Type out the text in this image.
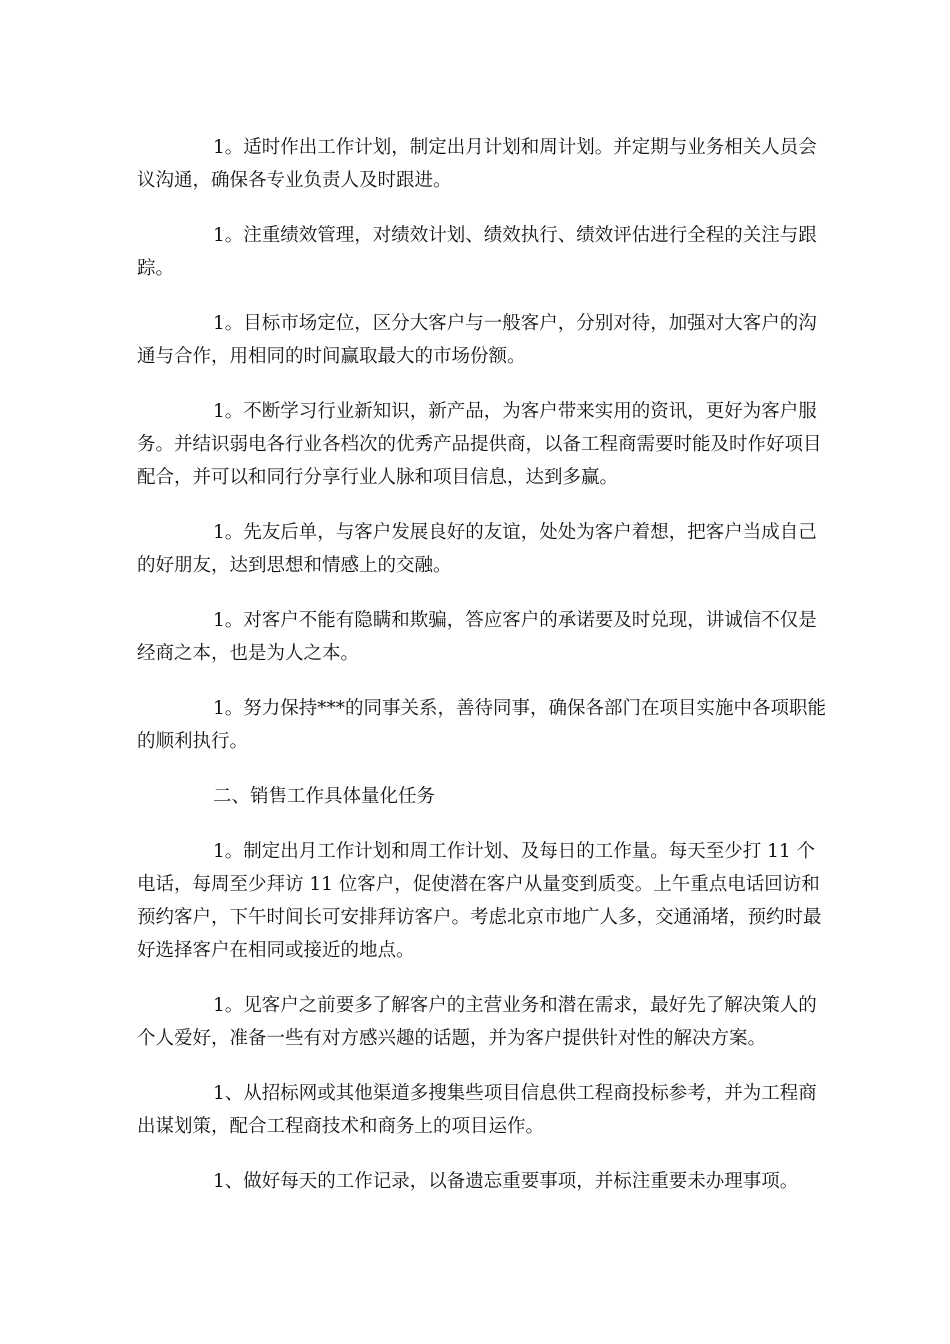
1。适时作出工作计划，制定出月计划和周计划。并定期与业务相关人员会议沟通，确保各专业负责人及时跟进。

1。注重绩效管理，对绩效计划、绩效执行、绩效评估进行全程的关注与跟踪。

1。目标市场定位，区分大客户与一般客户，分别对待，加强对大客户的沟通与合作，用相同的时间赢取最大的市场份额。

1。不断学习行业新知识，新产品，为客户带来实用的资讯，更好为客户服务。并结识弱电各行业各档次的优秀产品提供商，以备工程商需要时能及时作好项目配合，并可以和同行分享行业人脉和项目信息，达到多赢。

1。先友后单，与客户发展良好的友谊，处处为客户着想，把客户当成自己的好朋友，达到思想和情感上的交融。

1。对客户不能有隐瞒和欺骗，答应客户的承诺要及时兑现，讲诚信不仅是经商之本，也是为人之本。

1。努力保持***的同事关系，善待同事，确保各部门在项目实施中各项职能的顺利执行。

二、销售工作具体量化任务

1。制定出月工作计划和周工作计划、及每日的工作量。每天至少打 11 个电话，每周至少拜访 11 位客户，促使潜在客户从量变到质变。上午重点电话回访和预约客户，下午时间长可安排拜访客户。考虑北京市地广人多，交通涌堵，预约时最好选择客户在相同或接近的地点。

1。见客户之前要多了解客户的主营业务和潜在需求，最好先了解决策人的个人爱好，准备一些有对方感兴趣的话题，并为客户提供针对性的解决方案。

1、从招标网或其他渠道多搜集些项目信息供工程商投标参考，并为工程商出谋划策，配合工程商技术和商务上的项目运作。

1、做好每天的工作记录，以备遗忘重要事项，并标注重要未办理事项。
